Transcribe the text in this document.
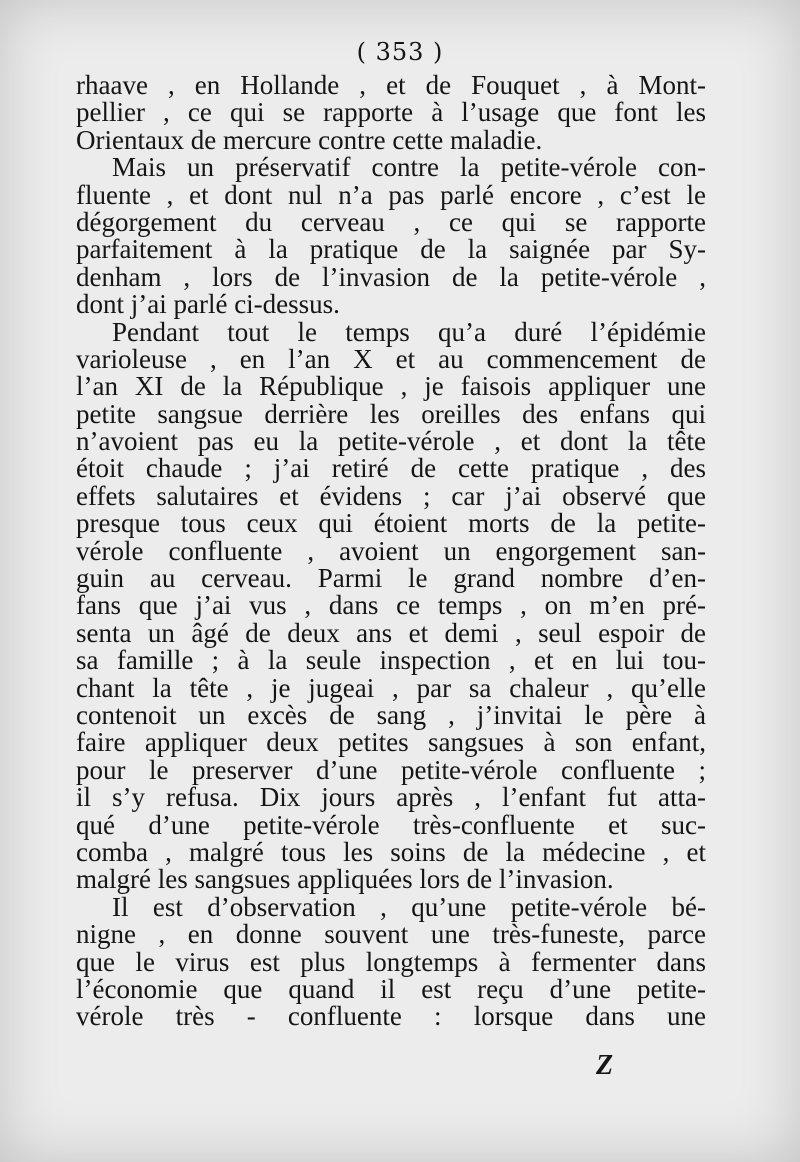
( 353 )
rhaave , en Hollande , et de Fouquet , à Mont-
pellier , ce qui se rapporte à l’usage que font les
Orientaux de mercure contre cette maladie.
Mais un préservatif contre la petite-vérole con-
fluente , et dont nul n’a pas parlé encore , c’est le
dégorgement du cerveau , ce qui se rapporte
parfaitement à la pratique de la saignée par Sy-
denham , lors de l’invasion de la petite-vérole ,
dont j’ai parlé ci-dessus.
Pendant tout le temps qu’a duré l’épidémie
varioleuse , en l’an X et au commencement de
l’an XI de la République , je faisois appliquer une
petite sangsue derrière les oreilles des enfans qui
n’avoient pas eu la petite-vérole , et dont la tête
étoit chaude ; j’ai retiré de cette pratique , des
effets salutaires et évidens ; car j’ai observé que
presque tous ceux qui étoient morts de la petite-
vérole confluente , avoient un engorgement san-
guin au cerveau. Parmi le grand nombre d’en-
fans que j’ai vus , dans ce temps , on m’en pré-
senta un âgé de deux ans et demi , seul espoir de
sa famille ; à la seule inspection , et en lui tou-
chant la tête , je jugeai , par sa chaleur , qu’elle
contenoit un excès de sang , j’invitai le père à
faire appliquer deux petites sangsues à son enfant,
pour le preserver d’une petite-vérole confluente ;
il s’y refusa. Dix jours après , l’enfant fut atta-
qué d’une petite-vérole très-confluente et suc-
comba , malgré tous les soins de la médecine , et
malgré les sangsues appliquées lors de l’invasion.
Il est d’observation , qu’une petite-vérole bé-
nigne , en donne souvent une très-funeste, parce
que le virus est plus longtemps à fermenter dans
l’économie que quand il est reçu d’une petite-
vérole très - confluente : lorsque dans une
Z
